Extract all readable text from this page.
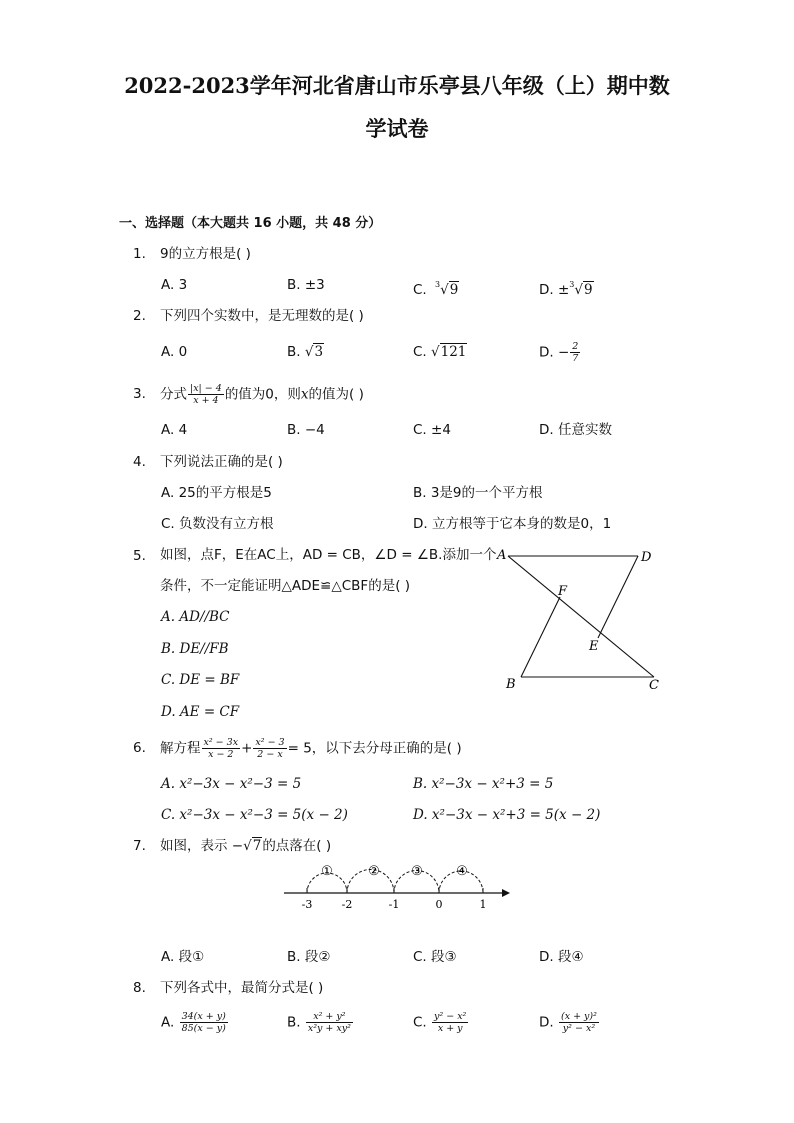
2022-2023学年河北省唐山市乐亭县八年级（上）期中数
学试卷
一、选择题（本大题共 16 小题，共 48 分）
1. 9的立方根是( )
A. 3	B. ±3	C. $^3$√9	D. ±$^3$√9
2. 下列四个实数中，是无理数的是( )
A. 0	B. √3	C. √121	D. − $\frac{2}{7}$
3. 分式 $\frac{|x| - 4}{x + 4}$ 的值为0，则x的值为( )
A. 4	B. −4	C. ±4	D. 任意实数
4. 下列说法正确的是( )
A. 25的平方根是5	B. 3是9的一个平方根
C. 负数没有立方根	D. 立方根等于它本身的数是0，1
5. 如图，点F，E在AC上，AD = CB，∠D = ∠B.添加一个
条件，不一定能证明△ADE≌△CBF的是( )
A. AD//BC
B. DE//FB
C. DE = BF
D. AE = CF
A	D
F
E
B	C
6. 解方程 $\frac{\text{x² − 3x}}{x - 2} + \frac{\text{x² − 3}}{2 - x} = 5$，以下去分母正确的是( )
A. x²−3x − x²−3 = 5	B. x²−3x − x²+3 = 5
C. x²−3x − x²−3 = 5(x − 2)	D. x²−3x − x²+3 = 5(x − 2)
7. 如图，表示 −√7的点落在( )
①	② ③	④
-3	-2	-1	0	1
A. 段①	B. 段②	C. 段③	D. 段④
8. 下列各式中，最简分式是( )
A. $\frac{34(x + y)}{85(x - y)}$	B. $\frac{\text{x² + y²}}{\text{x²y + xy²}}$	C. $\frac{\text{y² − x²}}{x + y}$	D. $\frac{\text{(x + y)²}}{\text{y² − x²}}$
